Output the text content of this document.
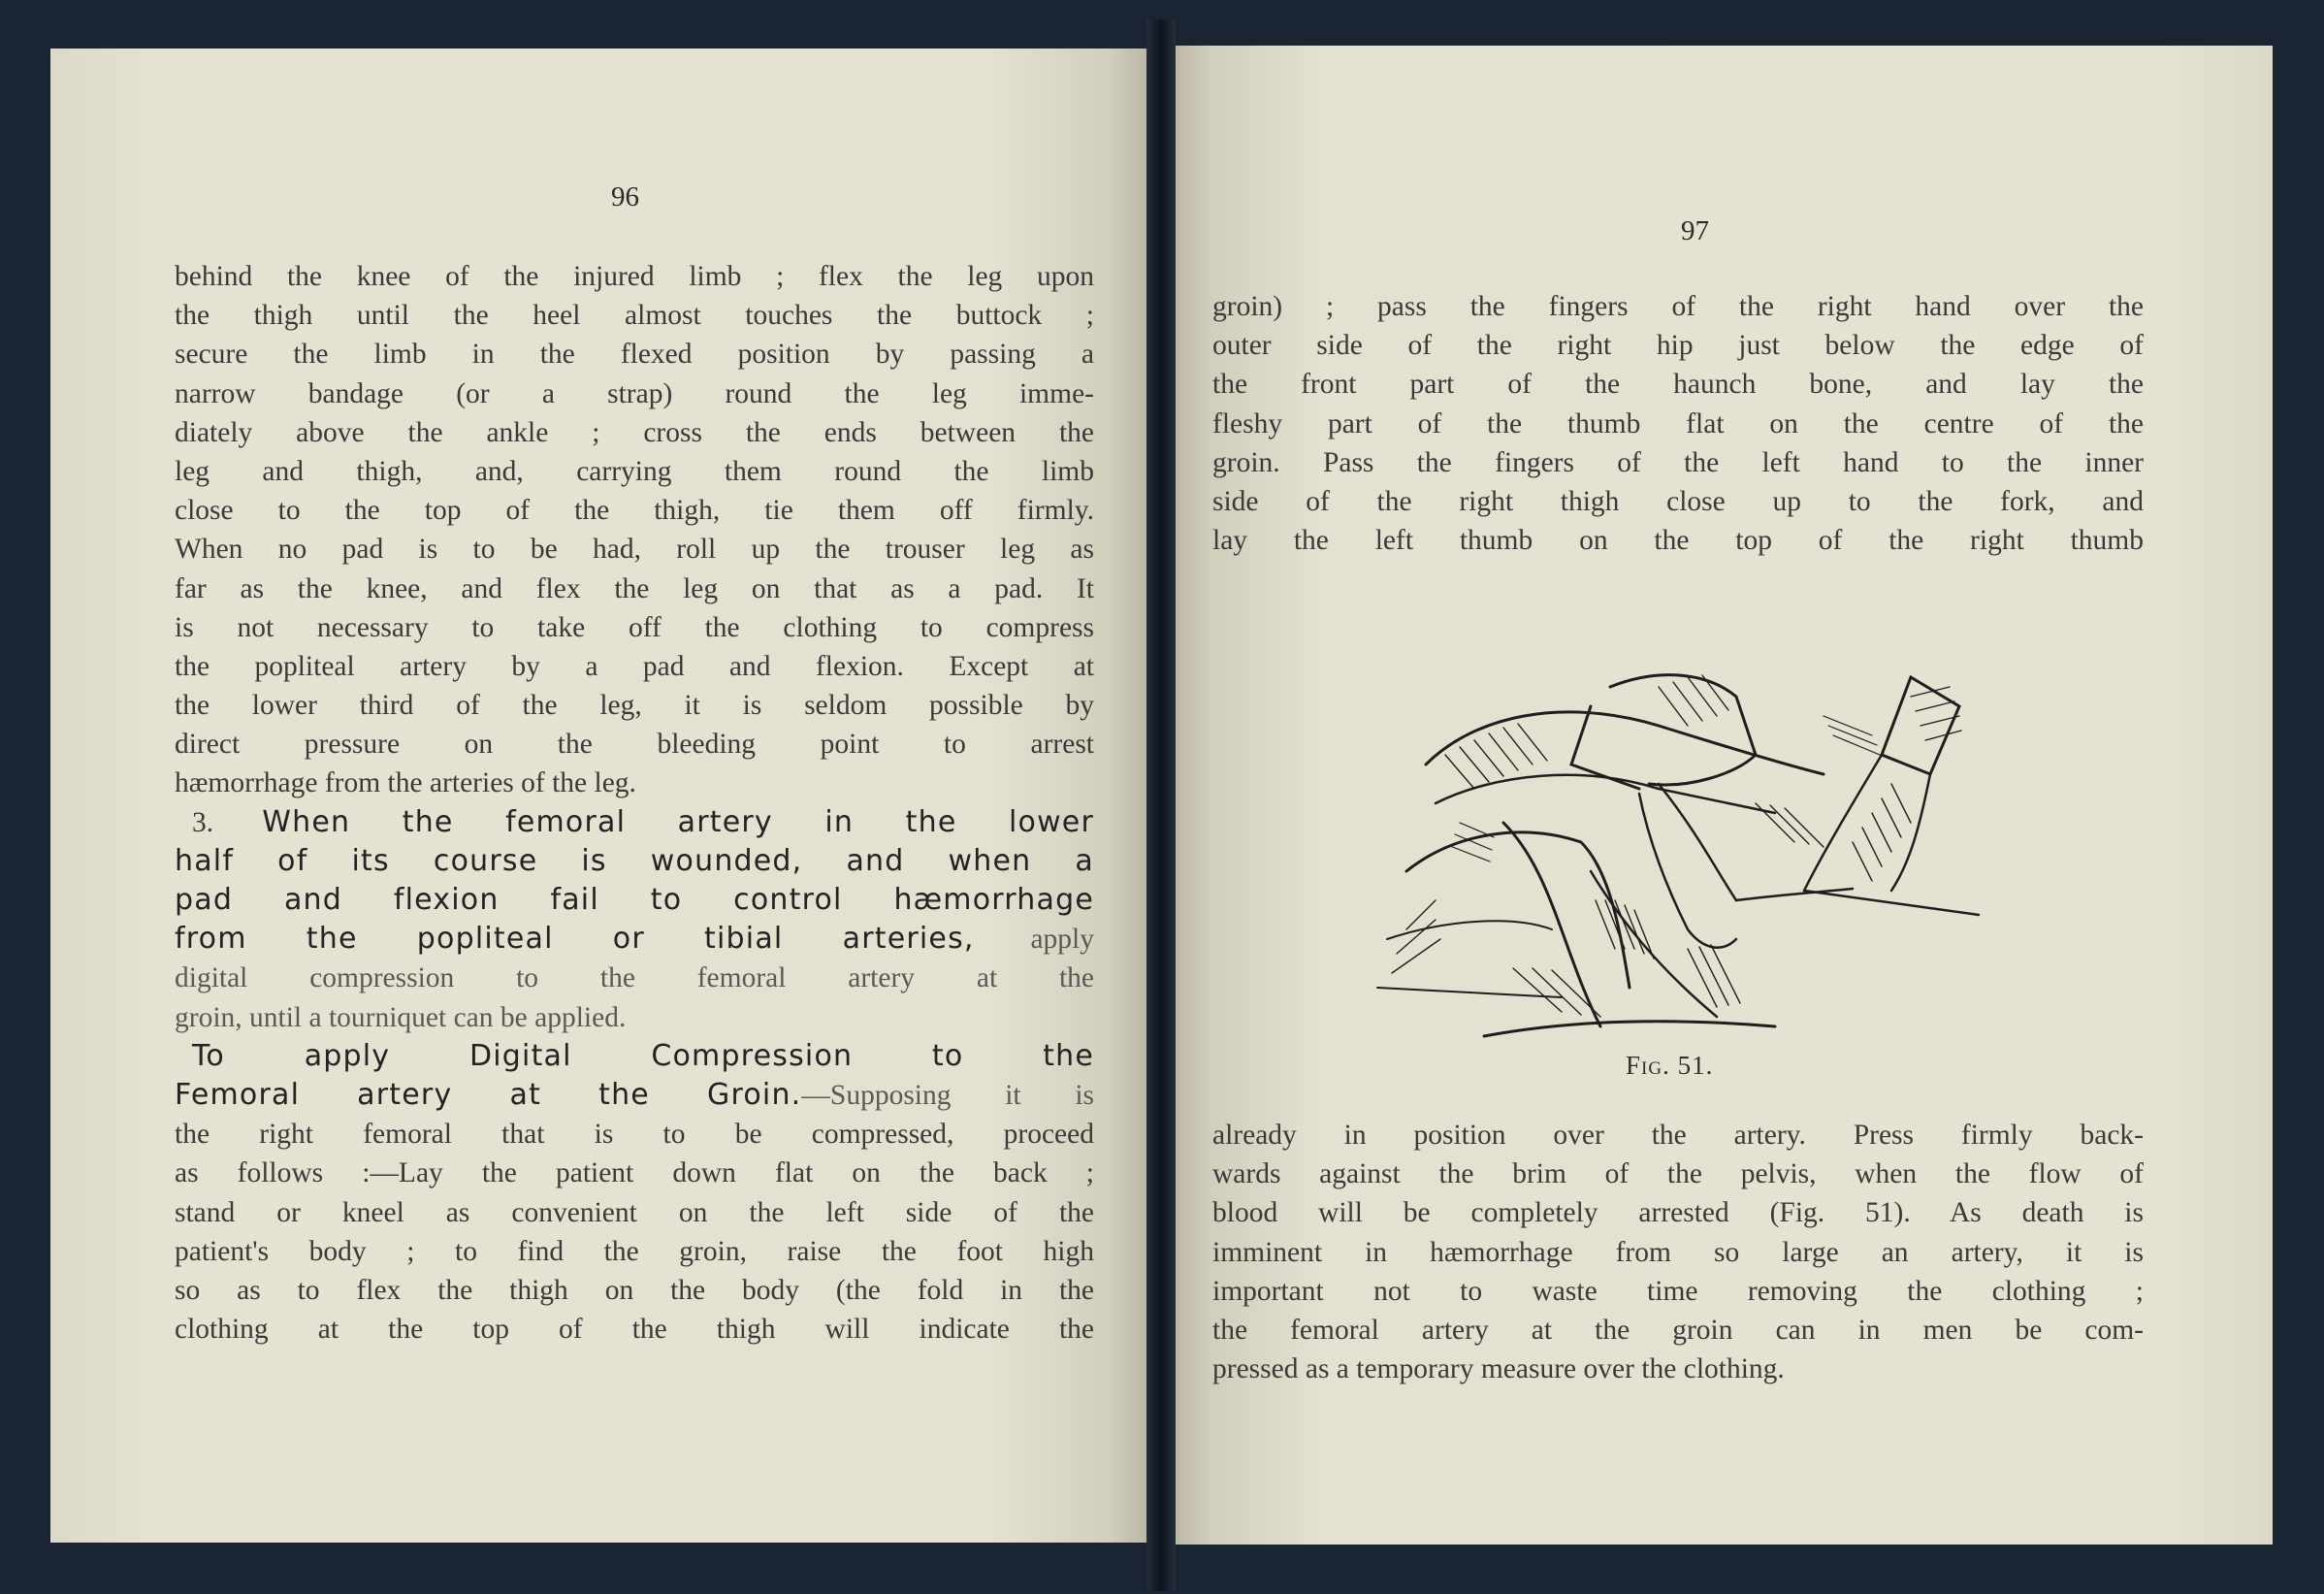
96
behind the knee of the injured limb ; flex the leg upon
the thigh until the heel almost touches the buttock ;
secure the limb in the flexed position by passing a
narrow bandage (or a strap) round the leg imme-
diately above the ankle ; cross the ends between the
leg and thigh, and, carrying them round the limb
close to the top of the thigh, tie them off firmly.
When no pad is to be had, roll up the trouser leg as
far as the knee, and flex the leg on that as a pad. It
is not necessary to take off the clothing to compress
the popliteal artery by a pad and flexion. Except at
the lower third of the leg, it is seldom possible by
direct pressure on the bleeding point to arrest
hæmorrhage from the arteries of the leg.
3. When the femoral artery in the lower
half of its course is wounded, and when a
pad and flexion fail to control hæmorrhage
from the popliteal or tibial arteries, apply
digital compression to the femoral artery at the
groin, until a tourniquet can be applied.
To apply Digital Compression to the
Femoral artery at the Groin.—Supposing it is
the right femoral that is to be compressed, proceed
as follows :—Lay the patient down flat on the back ;
stand or kneel as convenient on the left side of the
patient's body ; to find the groin, raise the foot high
so as to flex the thigh on the body (the fold in the
clothing at the top of the thigh will indicate the
97
groin) ; pass the fingers of the right hand over the
outer side of the right hip just below the edge of
the front part of the haunch bone, and lay the
fleshy part of the thumb flat on the centre of the
groin. Pass the fingers of the left hand to the inner
side of the right thigh close up to the fork, and
lay the left thumb on the top of the right thumb
Fig. 51.
already in position over the artery. Press firmly back-
wards against the brim of the pelvis, when the flow of
blood will be completely arrested (Fig. 51). As death is
imminent in hæmorrhage from so large an artery, it is
important not to waste time removing the clothing ;
the femoral artery at the groin can in men be com-
pressed as a temporary measure over the clothing.
